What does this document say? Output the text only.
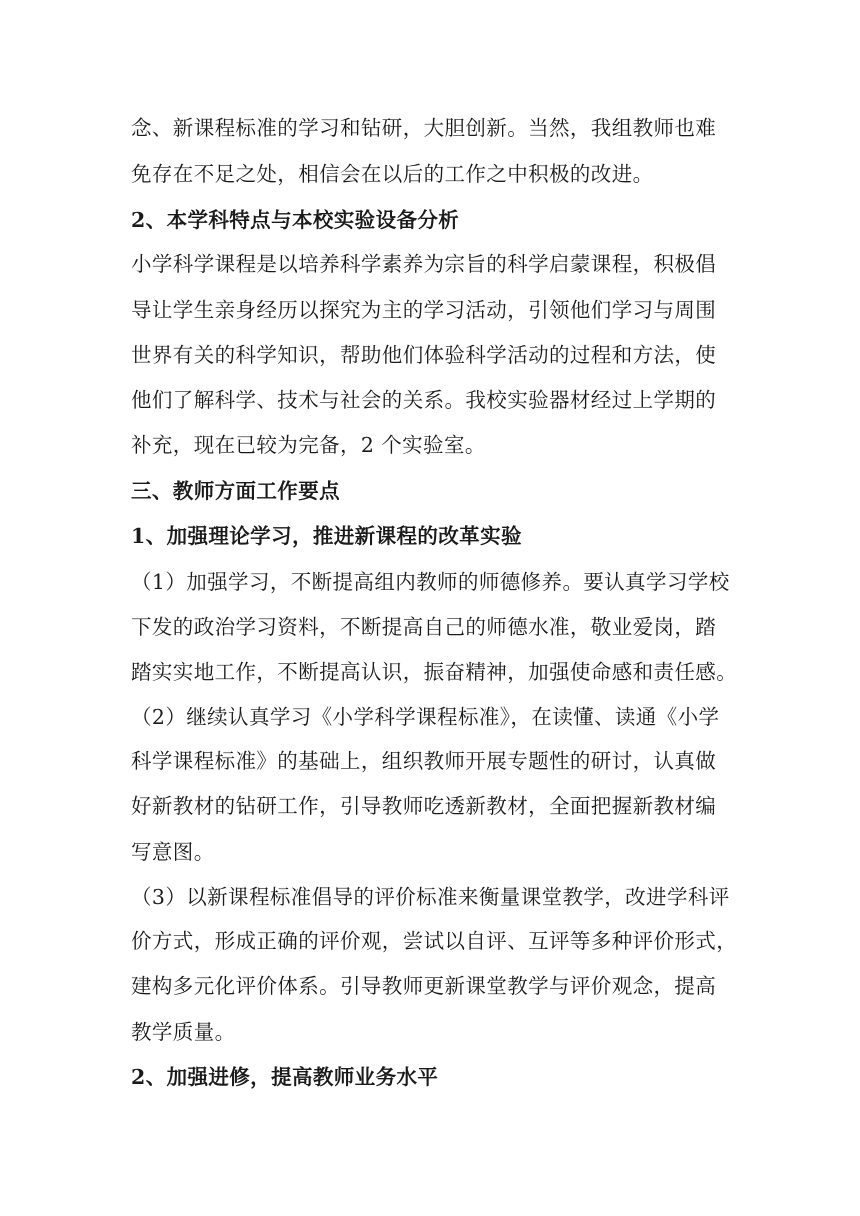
念、新课程标准的学习和钻研，大胆创新。当然，我组教师也难
免存在不足之处，相信会在以后的工作之中积极的改进。
2、本学科特点与本校实验设备分析
小学科学课程是以培养科学素养为宗旨的科学启蒙课程，积极倡
导让学生亲身经历以探究为主的学习活动，引领他们学习与周围
世界有关的科学知识，帮助他们体验科学活动的过程和方法，使
他们了解科学、技术与社会的关系。我校实验器材经过上学期的
补充，现在已较为完备，2 个实验室。
三、教师方面工作要点
1、加强理论学习，推进新课程的改革实验
（1）加强学习，不断提高组内教师的师德修养。要认真学习学校
下发的政治学习资料，不断提高自己的师德水准，敬业爱岗，踏
踏实实地工作，不断提高认识，振奋精神，加强使命感和责任感。
（2）继续认真学习《小学科学课程标准》，在读懂、读通《小学
科学课程标准》的基础上，组织教师开展专题性的研讨，认真做
好新教材的钻研工作，引导教师吃透新教材，全面把握新教材编
写意图。
（3）以新课程标准倡导的评价标准来衡量课堂教学，改进学科评
价方式，形成正确的评价观，尝试以自评、互评等多种评价形式，
建构多元化评价体系。引导教师更新课堂教学与评价观念，提高
教学质量。
2、加强进修，提高教师业务水平
